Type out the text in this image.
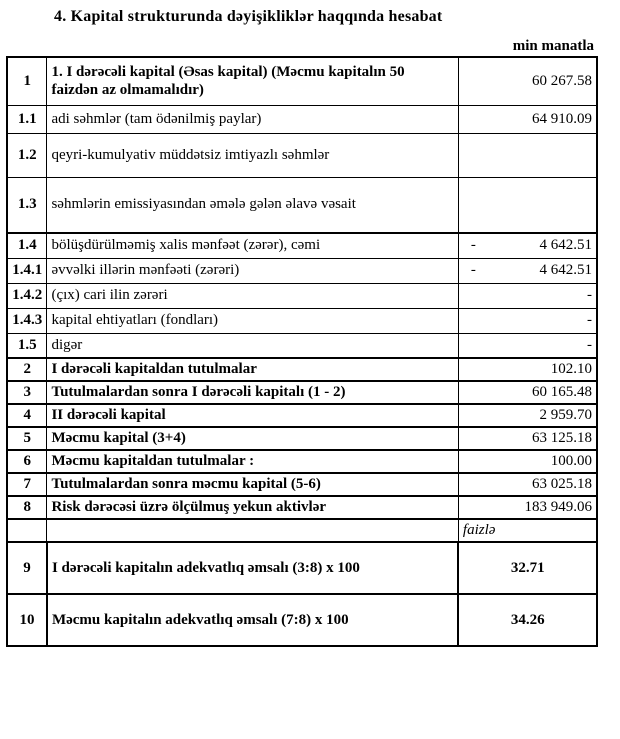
4. Kapital strukturunda dəyişikliklər haqqında hesabat
min manatla
1	1. I dərəcəli kapital (Əsas kapital) (Məcmu kapitalın 50 faizdən az olmamalıdır)	60 267.58
1.1	adi səhmlər (tam ödənilmiş paylar)	64 910.09
1.2	qeyri-kumulyativ müddətsiz imtiyazlı səhmlər	
1.3	səhmlərin emissiyasından əmələ gələn əlavə vəsait	
1.4	bölüşdürülməmiş xalis mənfəət (zərər), cəmi	- 4 642.51
1.4.1	əvvəlki illərin mənfəəti (zərəri)	- 4 642.51
1.4.2	(çıx) cari ilin zərəri	-
1.4.3	kapital ehtiyatları (fondları)	-
1.5	digər	-
2	I dərəcəli kapitaldan tutulmalar	102.10
3	Tutulmalardan sonra I dərəcəli kapitalı (1 - 2)	60 165.48
4	II dərəcəli kapital	2 959.70
5	Məcmu kapital (3+4)	63 125.18
6	Məcmu kapitaldan tutulmalar :	100.00
7	Tutulmalardan sonra məcmu kapital (5-6)	63 025.18
8	Risk dərəcəsi üzrə ölçülmuş yekun aktivlər	183 949.06
		faizlə
9	I dərəcəli kapitalın adekvatlıq əmsalı (3:8) x 100	32.71
10	Məcmu kapitalın adekvatlıq əmsalı (7:8) x 100	34.26
